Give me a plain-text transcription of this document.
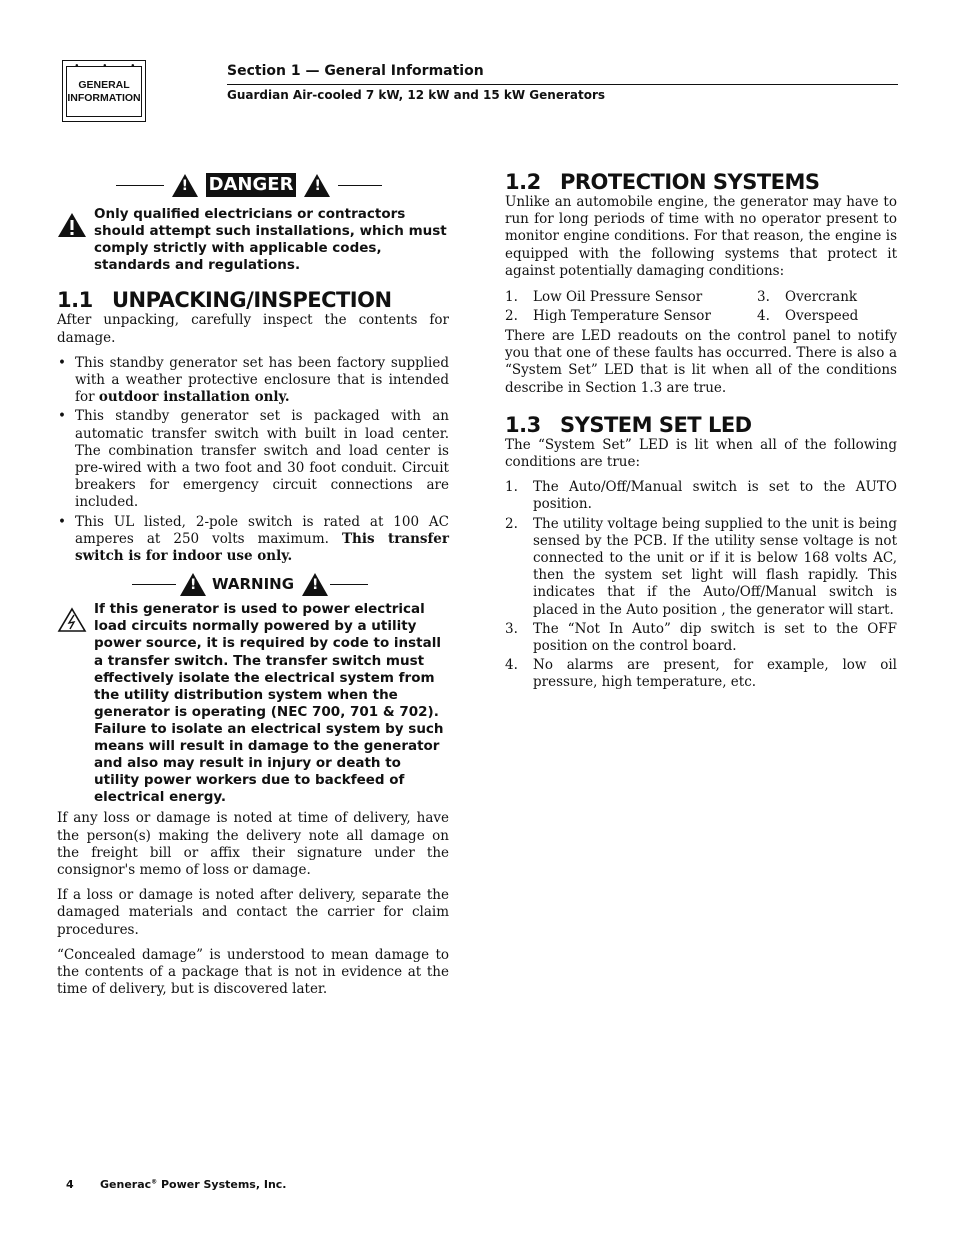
●	●	●
GENERAL
INFORMATION
Section 1 — General Information
Guardian Air-cooled 7 kW, 12 kW and 15 kW Generators
! DANGER !
Only qualified electricians or contractors should attempt such installations, which must comply strictly with applicable codes, standards and regulations.
1.1 UNPACKING/INSPECTION

After unpacking, carefully inspect the contents for damage.

• This standby generator set has been factory supplied with a weather protective enclosure that is intended for outdoor installation only.
• This standby generator set is packaged with an automatic transfer switch with built in load center. The combination transfer switch and load center is pre-wired with a two foot and 30 foot conduit. Circuit breakers for emergency circuit connections are included.
• This UL listed, 2-pole switch is rated at 100 AC amperes at 250 volts maximum. This transfer switch is for indoor use only.
! WARNING !
If this generator is used to power electrical load circuits normally powered by a utility power source, it is required by code to install a transfer switch. The transfer switch must effectively isolate the electrical system from the utility distribution system when the generator is operating (NEC 700, 701 & 702). Failure to isolate an electrical system by such means will result in damage to the generator and also may result in injury or death to utility power workers due to backfeed of electrical energy.

If any loss or damage is noted at time of delivery, have the person(s) making the delivery note all damage on the freight bill or affix their signature under the consignor's memo of loss or damage.

If a loss or damage is noted after delivery, separate the damaged materials and contact the carrier for claim procedures.

“Concealed damage” is understood to mean damage to the contents of a package that is not in evidence at the time of delivery, but is discovered later.

1.2 PROTECTION SYSTEMS

Unlike an automobile engine, the generator may have to run for long periods of time with no operator present to monitor engine conditions. For that reason, the engine is equipped with the following systems that protect it against potentially damaging conditions:

1. Low Oil Pressure Sensor	3. Overcrank
2. High Temperature Sensor	4. Overspeed

There are LED readouts on the control panel to notify you that one of these faults has occurred. There is also a “System Set” LED that is lit when all of the conditions describe in Section 1.3 are true.

1.3 SYSTEM SET LED

The “System Set” LED is lit when all of the following conditions are true:

1. The Auto/Off/Manual switch is set to the AUTO position.
2. The utility voltage being supplied to the unit is being sensed by the PCB. If the utility sense voltage is not connected to the unit or if it is below 168 volts AC, then the system set light will flash rapidly. This indicates that if the Auto/Off/Manual switch is placed in the Auto position , the generator will start.
3. The “Not In Auto” dip switch is set to the OFF position on the control board.
4. No alarms are present, for example, low oil pressure, high temperature, etc.
4 Generac® Power Systems, Inc.
